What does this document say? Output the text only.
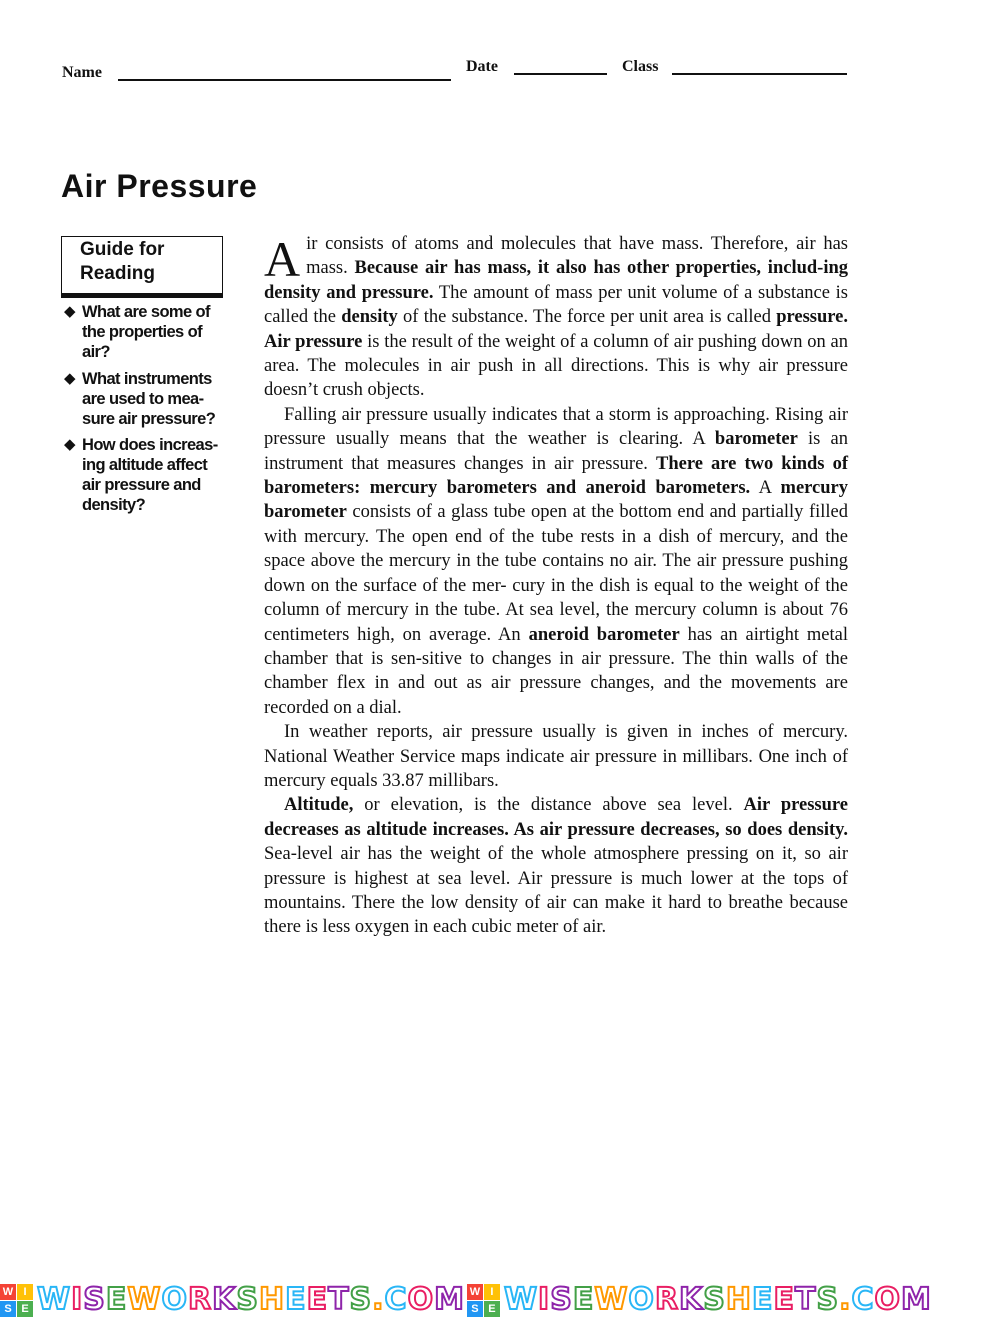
Name	Date	Class
Air Pressure
Guide for Reading
◆ What are some of the properties of air?
◆ What instruments are used to mea-sure air pressure?
◆ How does increas-ing altitude affect air pressure and density?

Air consists of atoms and molecules that have mass. Therefore, air has mass. Because air has mass, it also has other properties, includ-ing density and pressure. The amount of mass per unit volume of a substance is called the density of the substance. The force per unit area is called pressure. Air pressure is the result of the weight of a column of air pushing down on an area. The molecules in air push in all directions. This is why air pressure doesn’t crush objects.

Falling air pressure usually indicates that a storm is approaching. Rising air pressure usually means that the weather is clearing. A barometer is an instrument that measures changes in air pressure. There are two kinds of barometers: mercury barometers and aneroid barometers. A mercury barometer consists of a glass tube open at the bottom end and partially filled with mercury. The open end of the tube rests in a dish of mercury, and the space above the mercury in the tube contains no air. The air pressure pushing down on the surface of the mer- cury in the dish is equal to the weight of the column of mercury in the tube. At sea level, the mercury column is about 76 centimeters high, on average. An aneroid barometer has an airtight metal chamber that is sen-sitive to changes in air pressure. The thin walls of the chamber flex in and out as air pressure changes, and the movements are recorded on a dial.

In weather reports, air pressure usually is given in inches of mercury. National Weather Service maps indicate air pressure in millibars. One inch of mercury equals 33.87 millibars.

Altitude, or elevation, is the distance above sea level. Air pressure decreases as altitude increases. As air pressure decreases, so does density. Sea-level air has the weight of the whole atmosphere pressing on it, so air pressure is highest at sea level. Air pressure is much lower at the tops of mountains. There the low density of air can make it hard to breathe because there is less oxygen in each cubic meter of air.

W I
S E WISEWORKSHEETS.COM W I
S E WISEWORKSHEETS.COM
